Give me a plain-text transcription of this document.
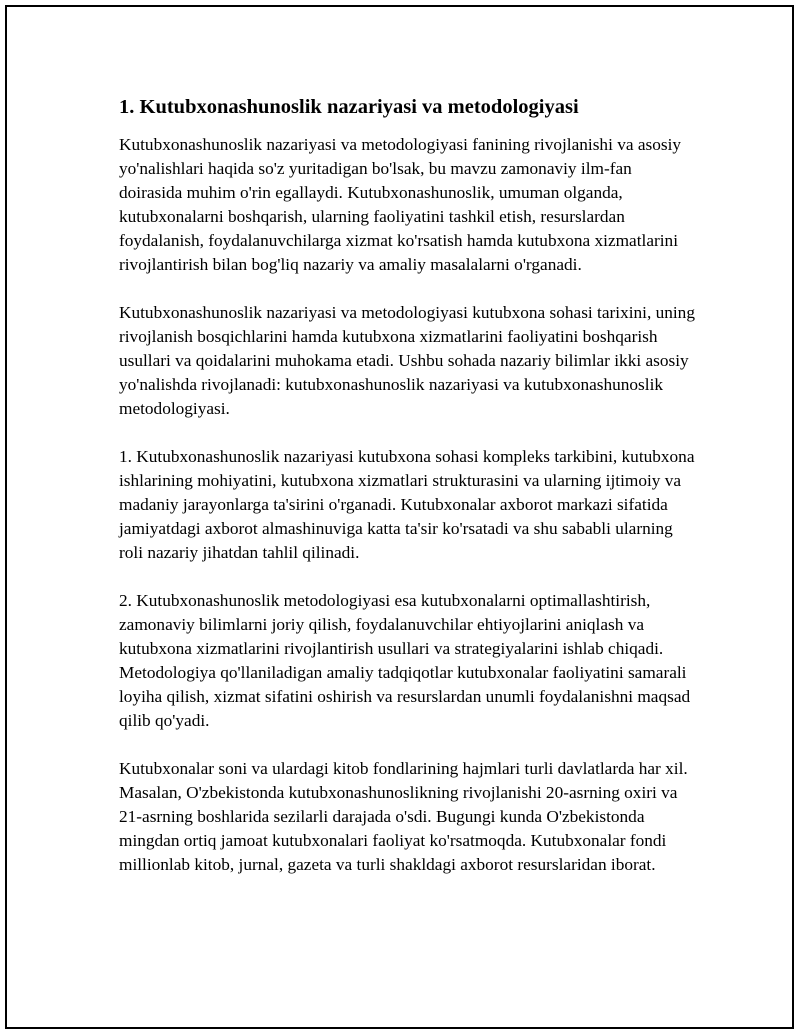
1. Kutubxonashunoslik nazariyasi va metodologiyasi

Kutubxonashunoslik nazariyasi va metodologiyasi fanining rivojlanishi va asosiy yo'nalishlari haqida so'z yuritadigan bo'lsak, bu mavzu zamonaviy ilm-fan doirasida muhim o'rin egallaydi. Kutubxonashunoslik, umuman olganda, kutubxonalarni boshqarish, ularning faoliyatini tashkil etish, resurslardan foydalanish, foydalanuvchilarga xizmat ko'rsatish hamda kutubxona xizmatlarini rivojlantirish bilan bog'liq nazariy va amaliy masalalarni o'rganadi.

Kutubxonashunoslik nazariyasi va metodologiyasi kutubxona sohasi tarixini, uning rivojlanish bosqichlarini hamda kutubxona xizmatlarini faoliyatini boshqarish usullari va qoidalarini muhokama etadi. Ushbu sohada nazariy bilimlar ikki asosiy yo'nalishda rivojlanadi: kutubxonashunoslik nazariyasi va kutubxonashunoslik metodologiyasi.

1. Kutubxonashunoslik nazariyasi kutubxona sohasi kompleks tarkibini, kutubxona ishlarining mohiyatini, kutubxona xizmatlari strukturasini va ularning ijtimoiy va madaniy jarayonlarga ta'sirini o'rganadi. Kutubxonalar axborot markazi sifatida jamiyatdagi axborot almashinuviga katta ta'sir ko'rsatadi va shu sababli ularning roli nazariy jihatdan tahlil qilinadi.

2. Kutubxonashunoslik metodologiyasi esa kutubxonalarni optimallashtirish, zamonaviy bilimlarni joriy qilish, foydalanuvchilar ehtiyojlarini aniqlash va kutubxona xizmatlarini rivojlantirish usullari va strategiyalarini ishlab chiqadi. Metodologiya qo'llaniladigan amaliy tadqiqotlar kutubxonalar faoliyatini samarali loyiha qilish, xizmat sifatini oshirish va resurslardan unumli foydalanishni maqsad qilib qo'yadi.

Kutubxonalar soni va ulardagi kitob fondlarining hajmlari turli davlatlarda har xil. Masalan, O'zbekistonda kutubxonashunoslikning rivojlanishi 20-asrning oxiri va 21-asrning boshlarida sezilarli darajada o'sdi. Bugungi kunda O'zbekistonda mingdan ortiq jamoat kutubxonalari faoliyat ko'rsatmoqda. Kutubxonalar fondi millionlab kitob, jurnal, gazeta va turli shakldagi axborot resurslaridan iborat.
